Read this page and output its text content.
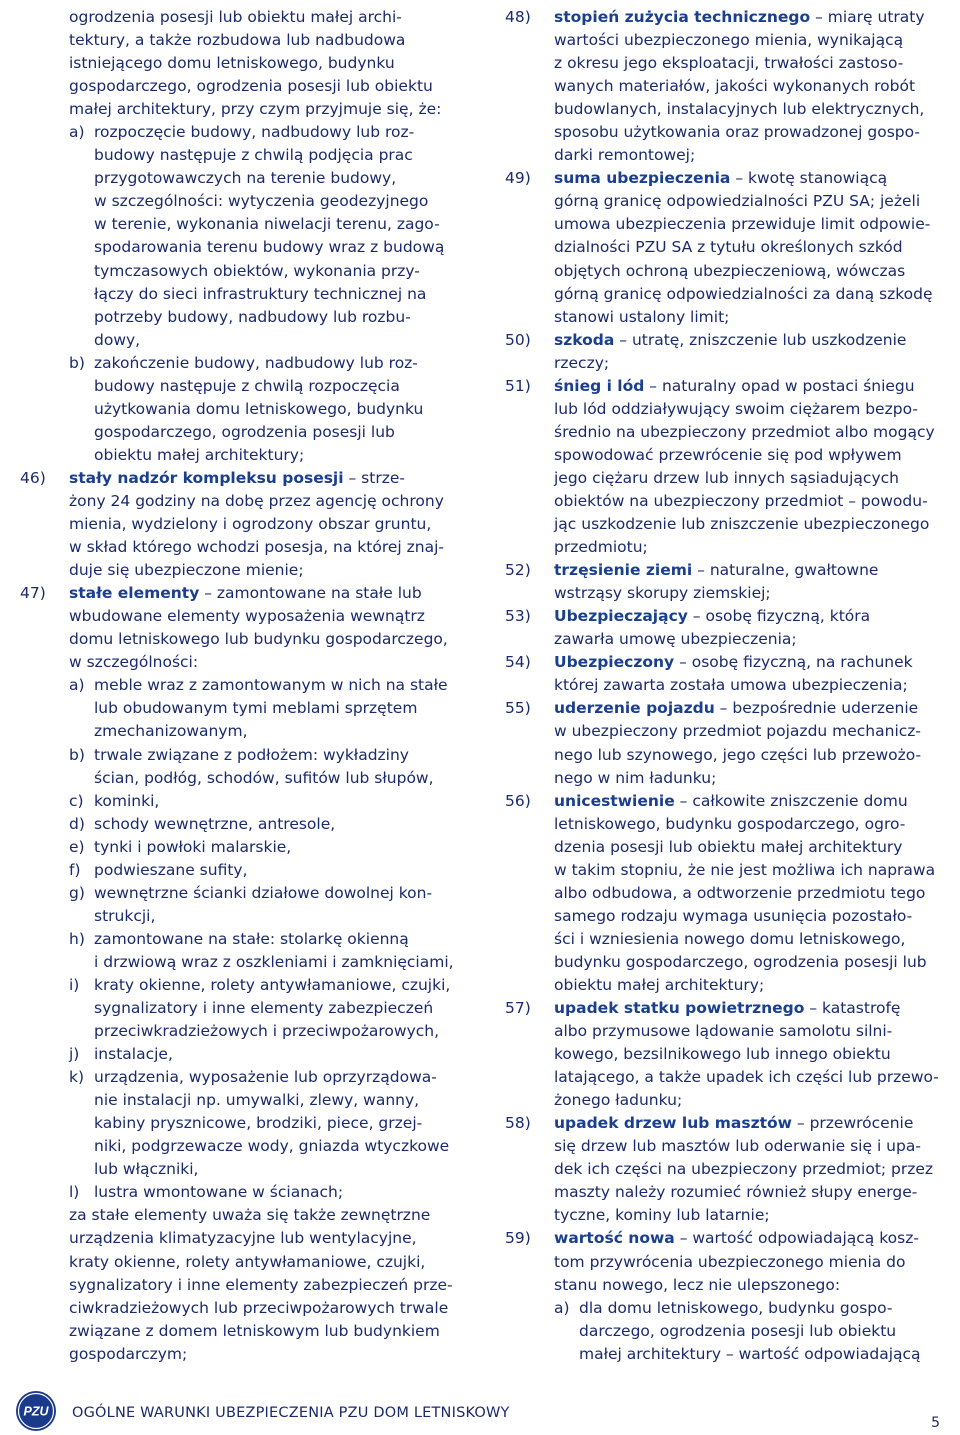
ogrodzenia posesji lub obiektu małej archi-
tektury, a także rozbudowa lub nadbudowa
istniejącego domu letniskowego, budynku
gospodarczego, ogrodzenia posesji lub obiektu
małej architektury, przy czym przyjmuje się, że:
a) rozpoczęcie budowy, nadbudowy lub roz-
budowy następuje z chwilą podjęcia prac
przygotowawczych na terenie budowy,
w szczególności: wytyczenia geodezyjnego
w terenie, wykonania niwelacji terenu, zago-
spodarowania terenu budowy wraz z budową
tymczasowych obiektów, wykonania przy-
łączy do sieci infrastruktury technicznej na
potrzeby budowy, nadbudowy lub rozbu-
dowy,
b) zakończenie budowy, nadbudowy lub roz-
budowy następuje z chwilą rozpoczęcia
użytkowania domu letniskowego, budynku
gospodarczego, ogrodzenia posesji lub
obiektu małej architektury;
46)	stały nadzór kompleksu posesji – strze-
żony 24 godziny na dobę przez agencję ochrony
mienia, wydzielony i ogrodzony obszar gruntu,
w skład którego wchodzi posesja, na której znaj-
duje się ubezpieczone mienie;
47)	stałe elementy – zamontowane na stałe lub
wbudowane elementy wyposażenia wewnątrz
domu letniskowego lub budynku gospodarczego,
w szczególności:
a) meble wraz z zamontowanym w nich na stałe
lub obudowanym tymi meblami sprzętem
zmechanizowanym,
b) trwale związane z podłożem: wykładziny
ścian, podłóg, schodów, sufitów lub słupów,
c) kominki,
d) schody wewnętrzne, antresole,
e) tynki i powłoki malarskie,
f) podwieszane sufity,
g) wewnętrzne ścianki działowe dowolnej kon-
strukcji,
h) zamontowane na stałe: stolarkę okienną
i drzwiową wraz z oszkleniami i zamknięciami,
i) kraty okienne, rolety antywłamaniowe, czujki,
sygnalizatory i inne elementy zabezpieczeń
przeciwkradzieżowych i przeciwpożarowych,
j) instalacje,
k) urządzenia, wyposażenie lub oprzyrządowa-
nie instalacji np. umywalki, zlewy, wanny,
kabiny prysznicowe, brodziki, piece, grzej-
niki, podgrzewacze wody, gniazda wtyczkowe
lub włączniki,
l) lustra wmontowane w ścianach;
za stałe elementy uważa się także zewnętrzne
urządzenia klimatyzacyjne lub wentylacyjne,
kraty okienne, rolety antywłamaniowe, czujki,
sygnalizatory i inne elementy zabezpieczeń prze-
ciwkradzieżowych lub przeciwpożarowych trwale
związane z domem letniskowym lub budynkiem
gospodarczym;
48)	stopień zużycia technicznego – miarę utraty
wartości ubezpieczonego mienia, wynikającą
z okresu jego eksploatacji, trwałości zastoso-
wanych materiałów, jakości wykonanych robót
budowlanych, instalacyjnych lub elektrycznych,
sposobu użytkowania oraz prowadzonej gospo-
darki remontowej;
49)	suma ubezpieczenia – kwotę stanowiącą
górną granicę odpowiedzialności PZU SA; jeżeli
umowa ubezpieczenia przewiduje limit odpowie-
dzialności PZU SA z tytułu określonych szkód
objętych ochroną ubezpieczeniową, wówczas
górną granicę odpowiedzialności za daną szkodę
stanowi ustalony limit;
50)	szkoda – utratę, zniszczenie lub uszkodzenie
rzeczy;
51)	śnieg i lód – naturalny opad w postaci śniegu
lub lód oddziaływujący swoim ciężarem bezpo-
średnio na ubezpieczony przedmiot albo mogący
spowodować przewrócenie się pod wpływem
jego ciężaru drzew lub innych sąsiadujących
obiektów na ubezpieczony przedmiot – powodu-
jąc uszkodzenie lub zniszczenie ubezpieczonego
przedmiotu;
52)	trzęsienie ziemi – naturalne, gwałtowne
wstrząsy skorupy ziemskiej;
53)	Ubezpieczający – osobę fizyczną, która
zawarła umowę ubezpieczenia;
54)	Ubezpieczony – osobę fizyczną, na rachunek
której zawarta została umowa ubezpieczenia;
55)	uderzenie pojazdu – bezpośrednie uderzenie
w ubezpieczony przedmiot pojazdu mechanicz-
nego lub szynowego, jego części lub przewożo-
nego w nim ładunku;
56)	unicestwienie – całkowite zniszczenie domu
letniskowego, budynku gospodarczego, ogro-
dzenia posesji lub obiektu małej architektury
w takim stopniu, że nie jest możliwa ich naprawa
albo odbudowa, a odtworzenie przedmiotu tego
samego rodzaju wymaga usunięcia pozostało-
ści i wzniesienia nowego domu letniskowego,
budynku gospodarczego, ogrodzenia posesji lub
obiektu małej architektury;
57)	upadek statku powietrznego – katastrofę
albo przymusowe lądowanie samolotu silni-
kowego, bezsilnikowego lub innego obiektu
latającego, a także upadek ich części lub przewo-
żonego ładunku;
58)	upadek drzew lub masztów – przewrócenie
się drzew lub masztów lub oderwanie się i upa-
dek ich części na ubezpieczony przedmiot; przez
maszty należy rozumieć również słupy energe-
tyczne, kominy lub latarnie;
59)	wartość nowa – wartość odpowiadającą kosz-
tom przywrócenia ubezpieczonego mienia do
stanu nowego, lecz nie ulepszonego:
a) dla domu letniskowego, budynku gospo-
darczego, ogrodzenia posesji lub obiektu
małej architektury – wartość odpowiadającą
PZU OGÓLNE WARUNKI UBEZPIECZENIA PZU DOM LETNISKOWY
5
